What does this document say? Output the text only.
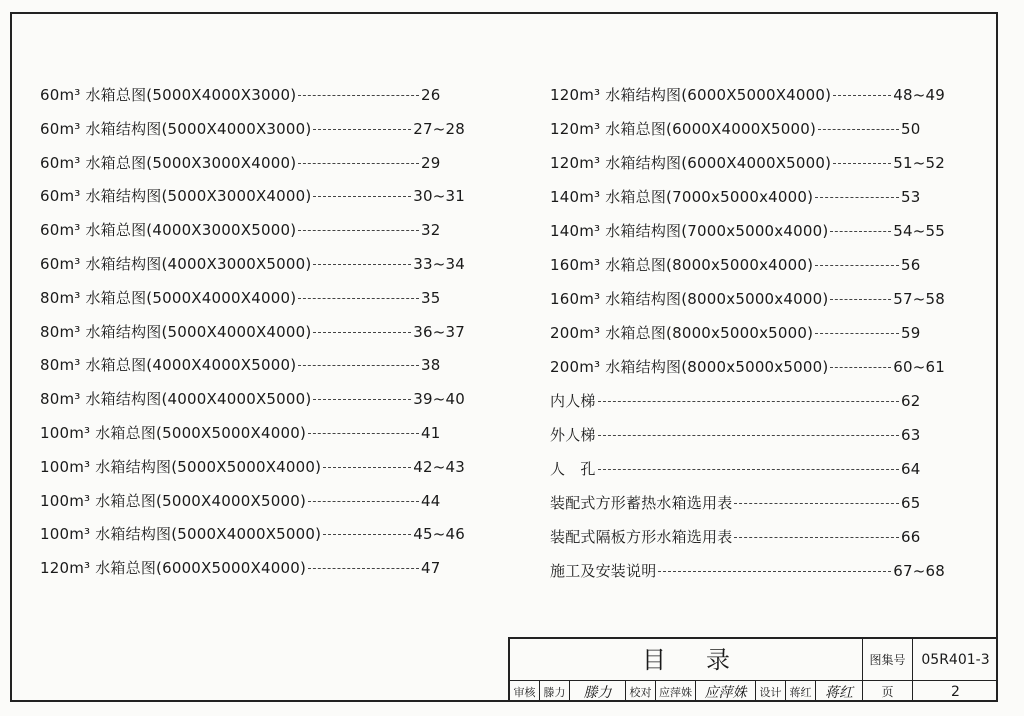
60m³ 水箱总图(5000X4000X3000)	26
60m³ 水箱结构图(5000X4000X3000)	27~28
60m³ 水箱总图(5000X3000X4000)	29
60m³ 水箱结构图(5000X3000X4000)	30~31
60m³ 水箱总图(4000X3000X5000)	32
60m³ 水箱结构图(4000X3000X5000)	33~34
80m³ 水箱总图(5000X4000X4000)	35
80m³ 水箱结构图(5000X4000X4000)	36~37
80m³ 水箱总图(4000X4000X5000)	38
80m³ 水箱结构图(4000X4000X5000)	39~40
100m³ 水箱总图(5000X5000X4000)	41
100m³ 水箱结构图(5000X5000X4000)	42~43
100m³ 水箱总图(5000X4000X5000)	44
100m³ 水箱结构图(5000X4000X5000)	45~46
120m³ 水箱总图(6000X5000X4000)	47
120m³ 水箱结构图(6000X5000X4000)	48~49
120m³ 水箱总图(6000X4000X5000)	50
120m³ 水箱结构图(6000X4000X5000)	51~52
140m³ 水箱总图(7000x5000x4000)	53
140m³ 水箱结构图(7000x5000x4000)	54~55
160m³ 水箱总图(8000x5000x4000)	56
160m³ 水箱结构图(8000x5000x4000)	57~58
200m³ 水箱总图(8000x5000x5000)	59
200m³ 水箱结构图(8000x5000x5000)	60~61
内人梯	62
外人梯	63
人　孔	64
装配式方形蓄热水箱选用表	65
装配式隔板方形水箱选用表	66
施工及安装说明	67~68
目录	图集号	05R401-3
审核 滕力	滕力	校对 应萍姝 应萍姝	设计 蒋红 蒋红	页	2
